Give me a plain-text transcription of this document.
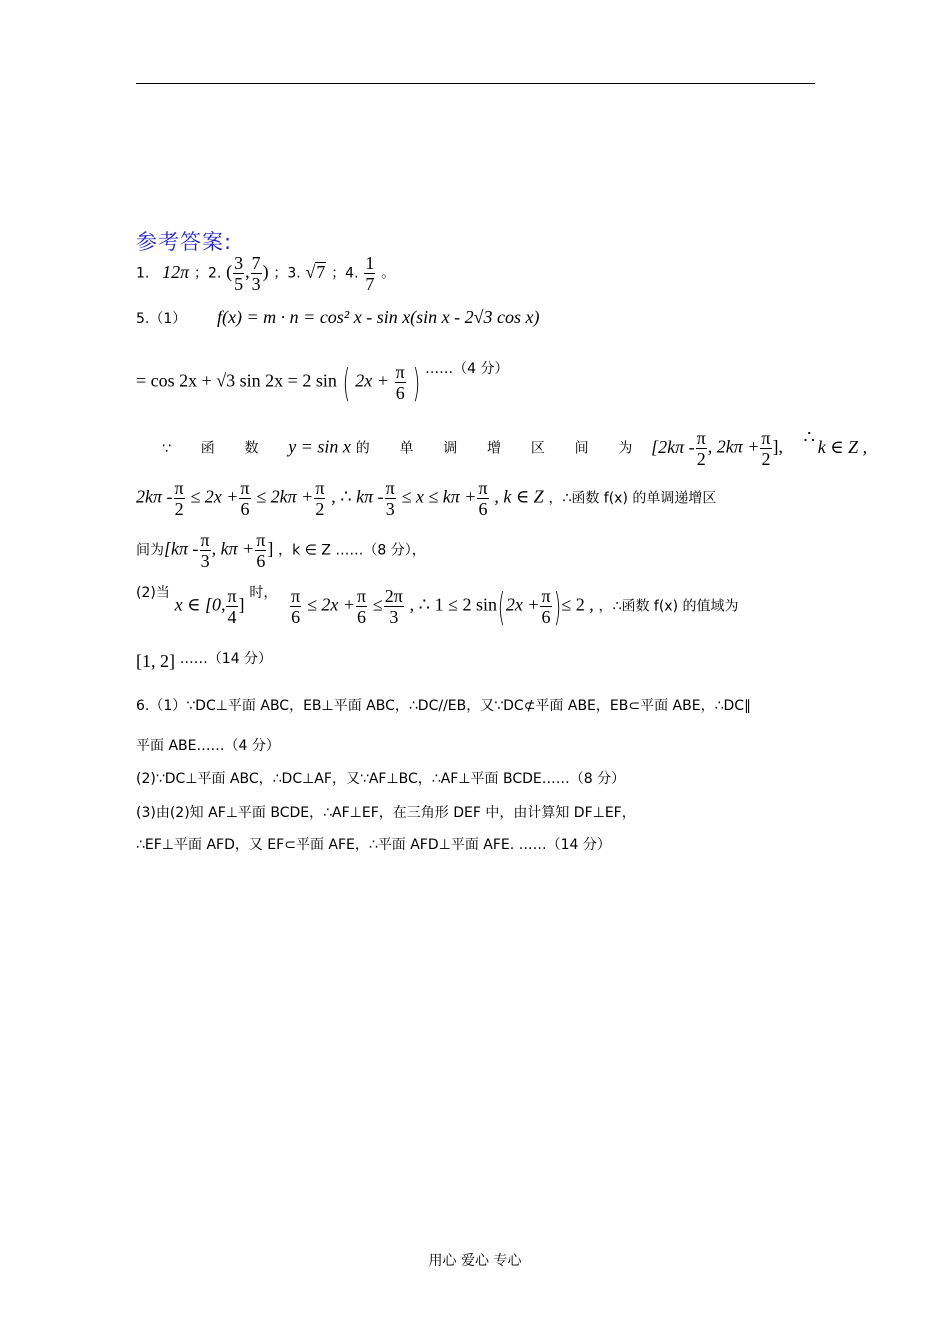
参考答案:
1. 12π ；2. ( $\frac{3}{5}$ , $\frac{7}{3}$ ) ；3. √7 ；4. $\frac{1}{7}$ 。
5.（1） f(x) = m · n = cos² x - sin x(sin x - 2√3 cos x)
= cos 2x + √3 sin 2x = 2 sin ( $2x + \frac{\pi}{6}$ ) ……（4 分）
∵ 函 数 y = sin x 的 单 调 增 区 间 为 [$2k\pi - \frac{\pi}{2}$ , $2k\pi + \frac{\pi}{2}$ ], k ∈ Z ,
∴
$2k\pi - \frac{\pi}{2} \le 2x + \frac{\pi}{6} \le 2k\pi + \frac{\pi}{2}$ , ∴ $k\pi - \frac{\pi}{3} \le x \le k\pi + \frac{\pi}{6}$ , k ∈ Z ，∴函数 f(x) 的单调递增区
间为[$k\pi - \frac{\pi}{3}$ , $k\pi + \frac{\pi}{6}$ ] ，k ∈ Z ……（8 分），
(2)当 x ∈ [0, $\frac{\pi}{4}$ ] 时， $\frac{\pi}{6} \le 2x + \frac{\pi}{6} \le \frac{2\pi}{3}$ , ∴ 1 ≤ 2 $\sin(2x + \frac{\pi}{6}$ )≤ 2 , ，∴函数 f(x) 的值域为
[1, 2] ……（14 分）
6.（1）∵DC⊥平面 ABC，EB⊥平面 ABC，∴DC//EB，又∵DC⊄平面 ABE，EB⊂平面 ABE，∴DC∥
平面 ABE……（4 分）
(2)∵DC⊥平面 ABC，∴DC⊥AF，又∵AF⊥BC，∴AF⊥平面 BCDE……（8 分）
(3)由(2)知 AF⊥平面 BCDE，∴AF⊥EF，在三角形 DEF 中，由计算知 DF⊥EF，
∴EF⊥平面 AFD，又 EF⊂平面 AFE，∴平面 AFD⊥平面 AFE. ……（14 分）
用心 爱心 专心
